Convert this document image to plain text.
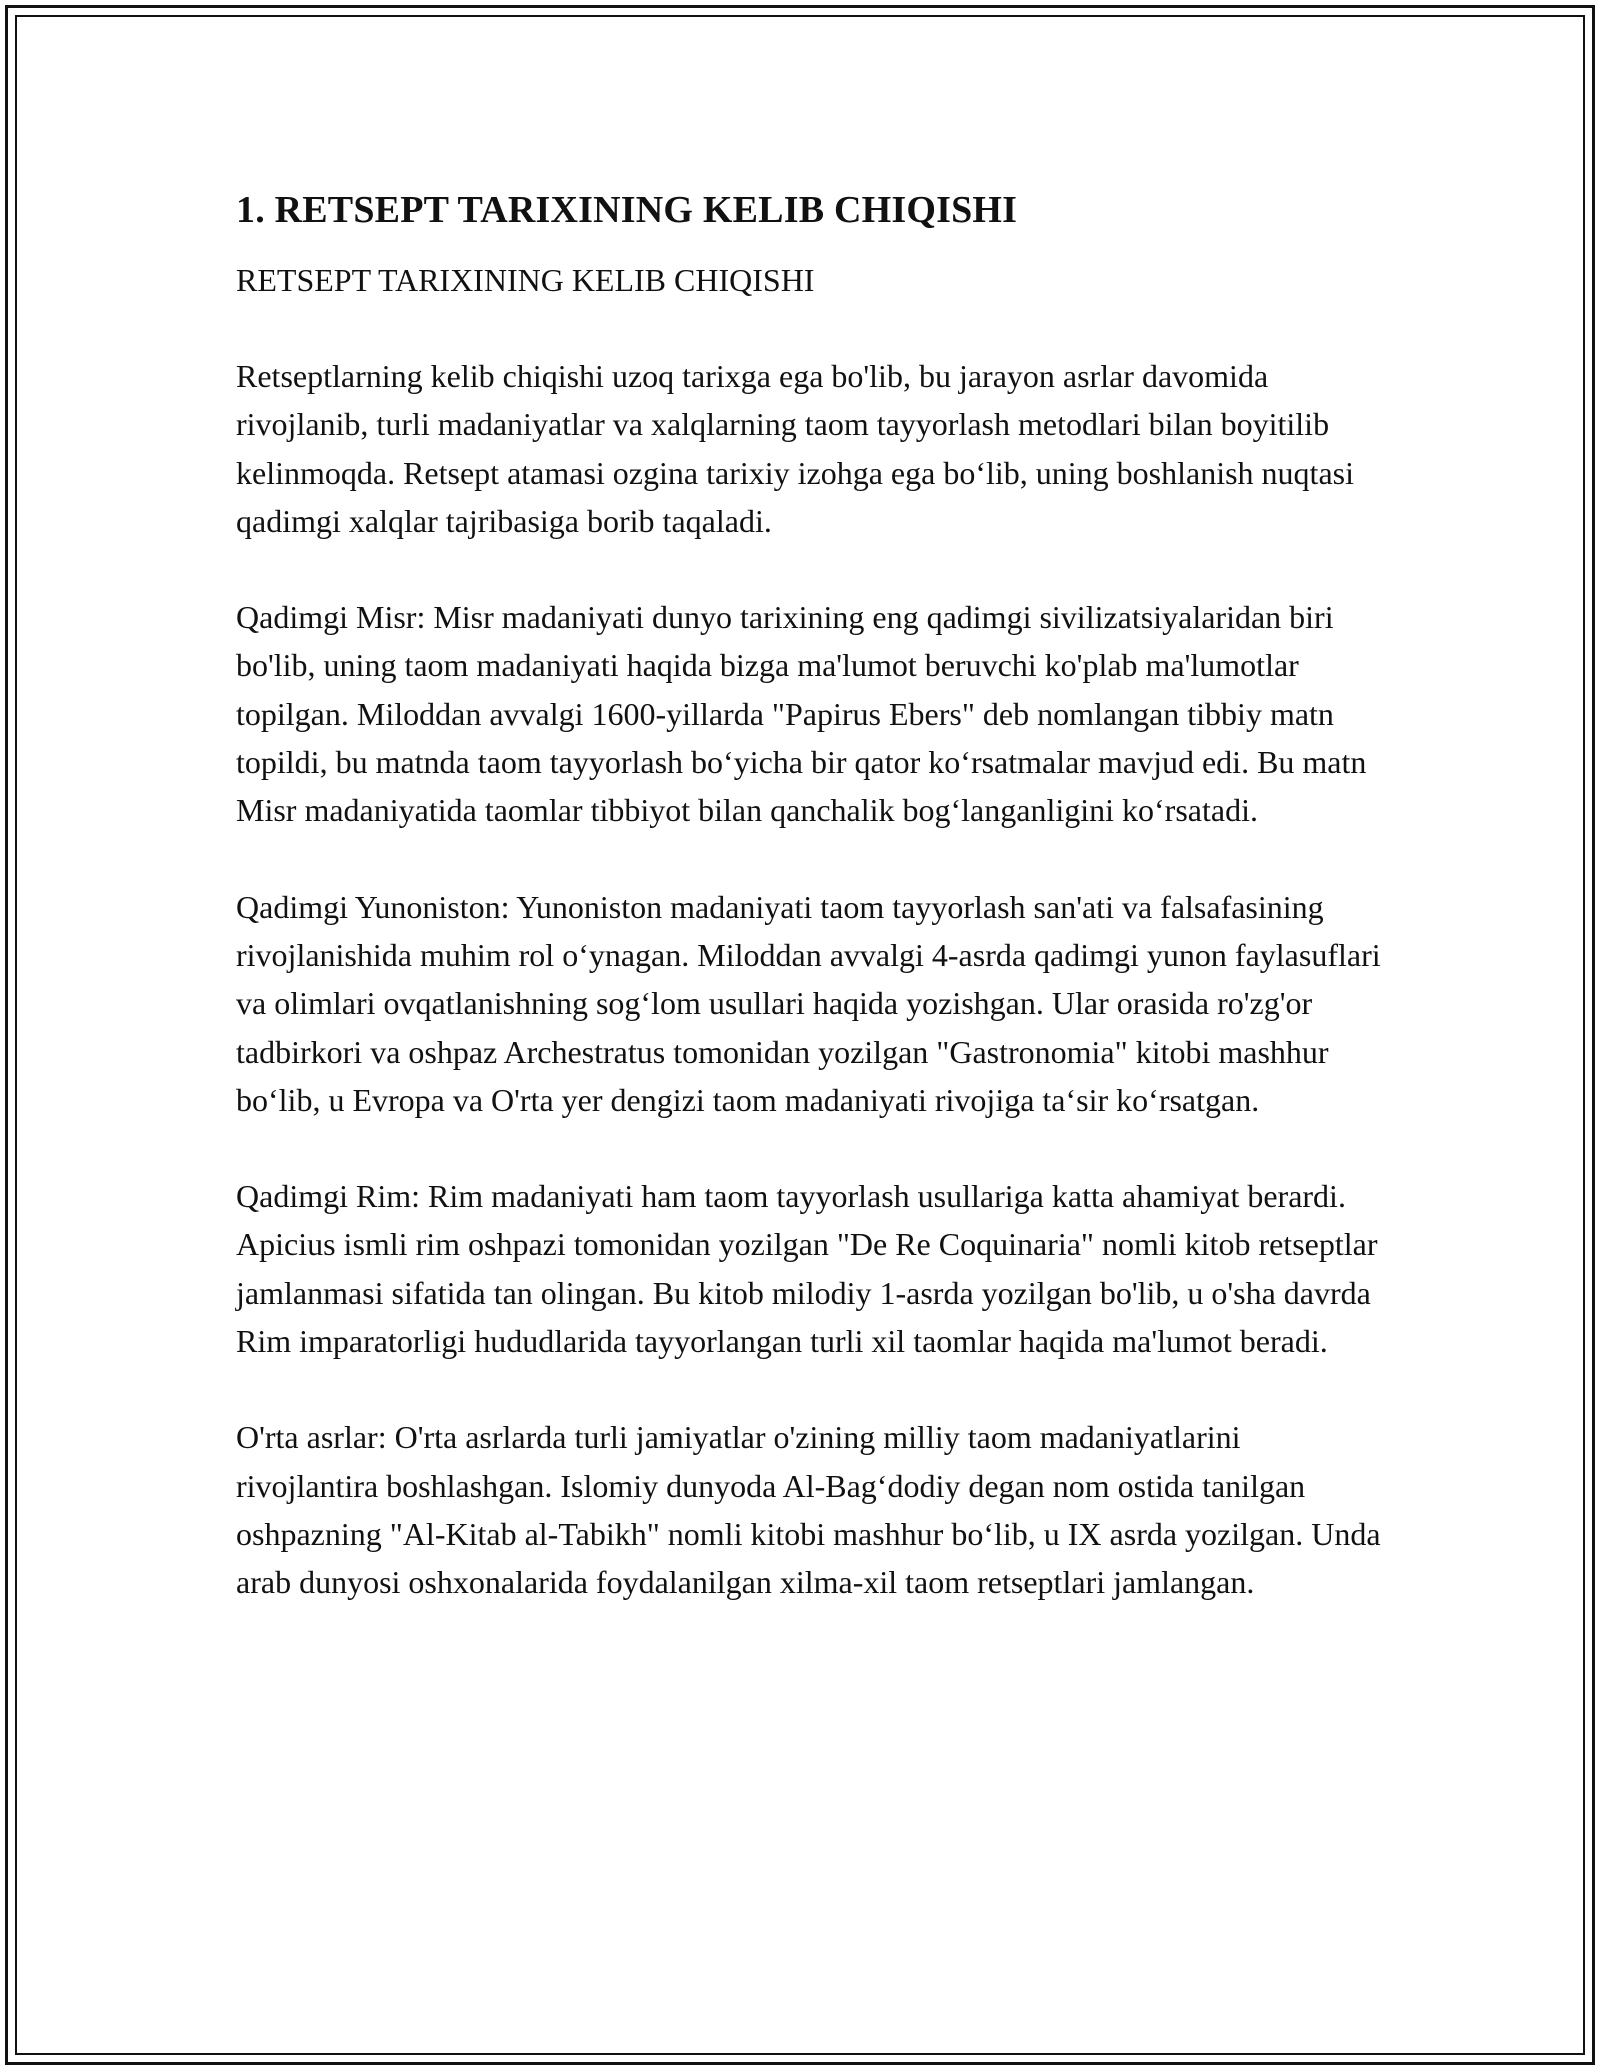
1. RETSEPT TARIXINING KELIB CHIQISHI

RETSEPT TARIXINING KELIB CHIQISHI

Retseptlarning kelib chiqishi uzoq tarixga ega bo'lib, bu jarayon asrlar davomida rivojlanib, turli madaniyatlar va xalqlarning taom tayyorlash metodlari bilan boyitilib kelinmoqda. Retsept atamasi ozgina tarixiy izohga ega bo‘lib, uning boshlanish nuqtasi qadimgi xalqlar tajribasiga borib taqaladi.

Qadimgi Misr: Misr madaniyati dunyo tarixining eng qadimgi sivilizatsiyalaridan biri bo'lib, uning taom madaniyati haqida bizga ma'lumot beruvchi ko'plab ma'lumotlar topilgan. Miloddan avvalgi 1600-yillarda "Papirus Ebers" deb nomlangan tibbiy matn topildi, bu matnda taom tayyorlash bo‘yicha bir qator ko‘rsatmalar mavjud edi. Bu matn Misr madaniyatida taomlar tibbiyot bilan qanchalik bog‘langanligini ko‘rsatadi.

Qadimgi Yunoniston: Yunoniston madaniyati taom tayyorlash san'ati va falsafasining rivojlanishida muhim rol o‘ynagan. Miloddan avvalgi 4-asrda qadimgi yunon faylasuflari va olimlari ovqatlanishning sog‘lom usullari haqida yozishgan. Ular orasida ro'zg'or tadbirkori va oshpaz Archestratus tomonidan yozilgan "Gastronomia" kitobi mashhur bo‘lib, u Evropa va O'rta yer dengizi taom madaniyati rivojiga ta‘sir ko‘rsatgan.

Qadimgi Rim: Rim madaniyati ham taom tayyorlash usullariga katta ahamiyat berardi. Apicius ismli rim oshpazi tomonidan yozilgan "De Re Coquinaria" nomli kitob retseptlar jamlanmasi sifatida tan olingan. Bu kitob milodiy 1-asrda yozilgan bo'lib, u o'sha davrda Rim imparatorligi hududlarida tayyorlangan turli xil taomlar haqida ma'lumot beradi.

O'rta asrlar: O'rta asrlarda turli jamiyatlar o'zining milliy taom madaniyatlarini rivojlantira boshlashgan. Islomiy dunyoda Al-Bag‘dodiy degan nom ostida tanilgan oshpazning "Al-Kitab al-Tabikh" nomli kitobi mashhur bo‘lib, u IX asrda yozilgan. Unda arab dunyosi oshxonalarida foydalanilgan xilma-xil taom retseptlari jamlangan.
